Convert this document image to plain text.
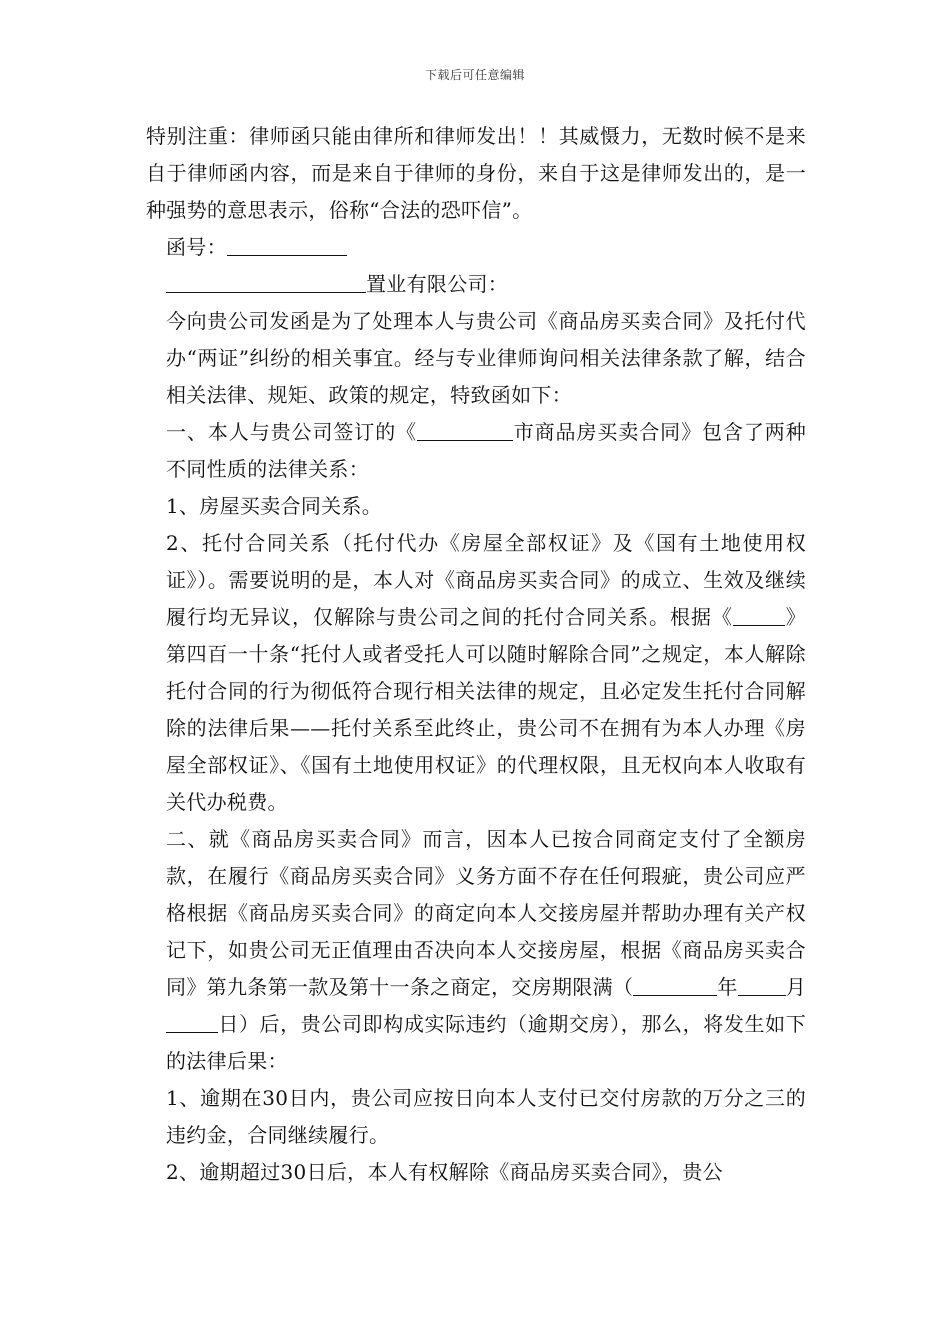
下载后可任意编辑

特别注重：律师函只能由律所和律师发出！！其威慑力，无数时候不是来自于律师函内容，而是来自于律师的身份，来自于这是律师发出的，是一种强势的意思表示，俗称“合法的恐吓信”。

函号：

置业有限公司：

今向贵公司发函是为了处理本人与贵公司《商品房买卖合同》及托付代办“两证”纠纷的相关事宜。经与专业律师询问相关法律条款了解，结合相关法律、规矩、政策的规定，特致函如下：

一、本人与贵公司签订的《	市商品房买卖合同》包含了两种不同性质的法律关系：

1、房屋买卖合同关系。

2、托付合同关系（托付代办《房屋全部权证》及《国有土地使用权证》）。需要说明的是，本人对《商品房买卖合同》的成立、生效及继续履行均无异议，仅解除与贵公司之间的托付合同关系。根据《	》第四百一十条“托付人或者受托人可以随时解除合同”之规定，本人解除托付合同的行为彻低符合现行相关法律的规定，且必定发生托付合同解除的法律后果——托付关系至此终止，贵公司不在拥有为本人办理《房屋全部权证》、《国有土地使用权证》的代理权限，且无权向本人收取有关代办税费。

二、就《商品房买卖合同》而言，因本人已按合同商定支付了全额房款，在履行《商品房买卖合同》义务方面不存在任何瑕疵，贵公司应严格根据《商品房买卖合同》的商定向本人交接房屋并帮助办理有关产权记下，如贵公司无正值理由否决向本人交接房屋，根据《商品房买卖合同》第九条第一款及第十一条之商定，交房期限满（	年 月日）后，贵公司即构成实际违约（逾期交房），那么，将发生如下的法律后果：

1、逾期在30日内，贵公司应按日向本人支付已交付房款的万分之三的违约金，合同继续履行。

2、逾期超过30日后，本人有权解除《商品房买卖合同》，贵公
